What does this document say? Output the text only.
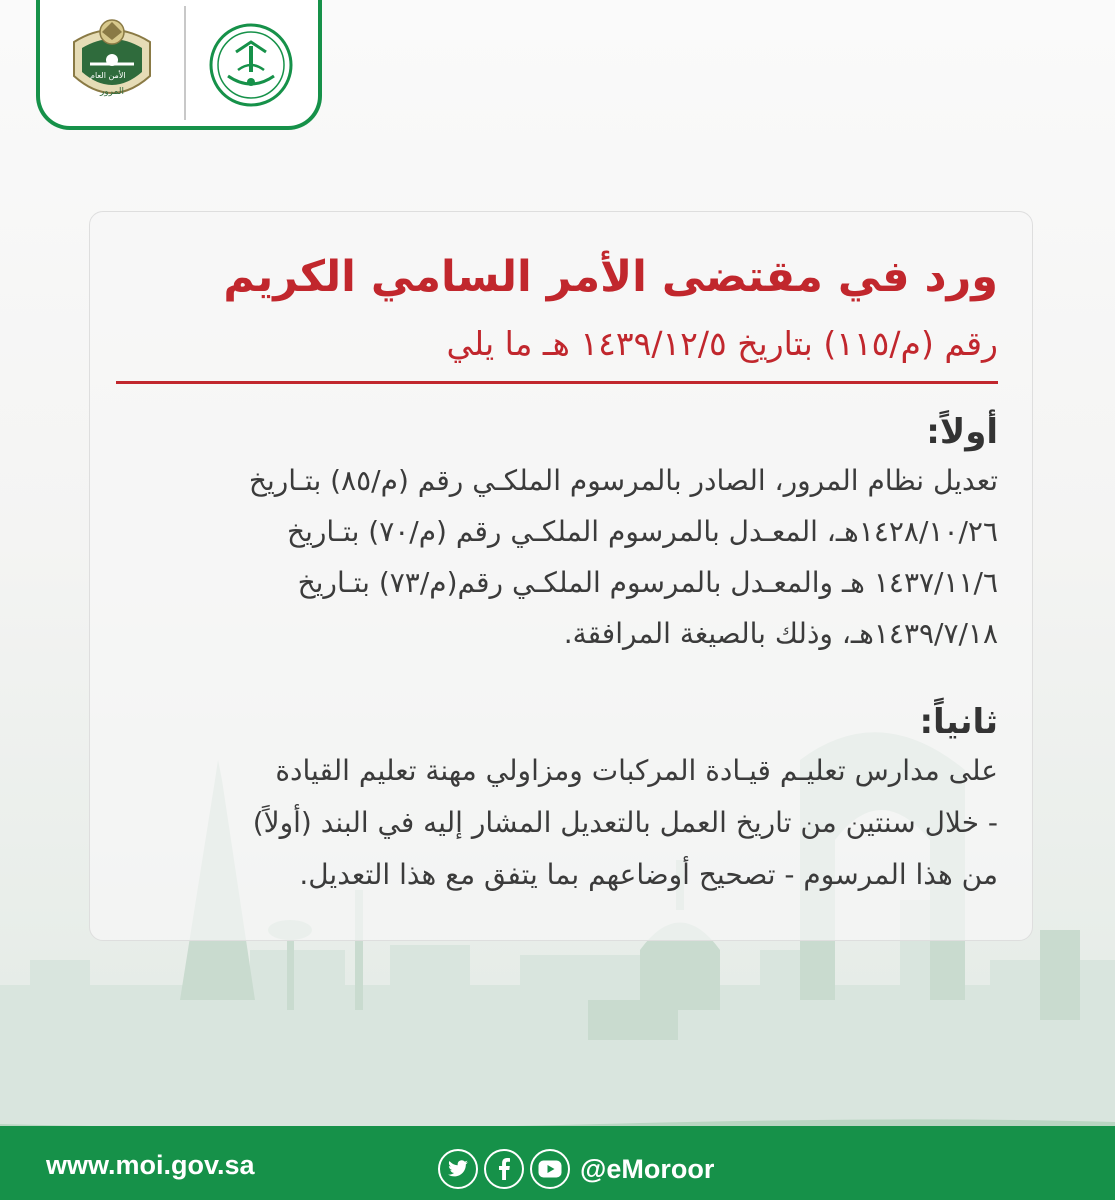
الأمن العام
المرور
ورد في مقتضى الأمر السامي الكريم

رقم (م/١١٥) بتاريخ ١٤٣٩/١٢/٥ هـ ما يلي

أولاً:

تعديل نظام المرور، الصادر بالمرسوم الملكـي رقم (م/٨٥) بتـاريخ

١٤٢٨/١٠/٢٦هـ، المعـدل بالمرسوم الملكـي رقم (م/٧٠) بتـاريخ

١٤٣٧/١١/٦ هـ والمعـدل بالمرسوم الملكـي رقم(م/٧٣) بتـاريخ

١٤٣٩/٧/١٨هـ، وذلك بالصيغة المرافقة.

ثانياً:

على مدارس تعليـم قيـادة المركبات ومزاولي مهنة تعليم القيادة

- خلال سنتين من تاريخ العمل بالتعديل المشار إليه في البند (أولاً)

من هذا المرسوم - تصحيح أوضاعهم بما يتفق مع هذا التعديل.

www.moi.gov.sa	@eMoroor
